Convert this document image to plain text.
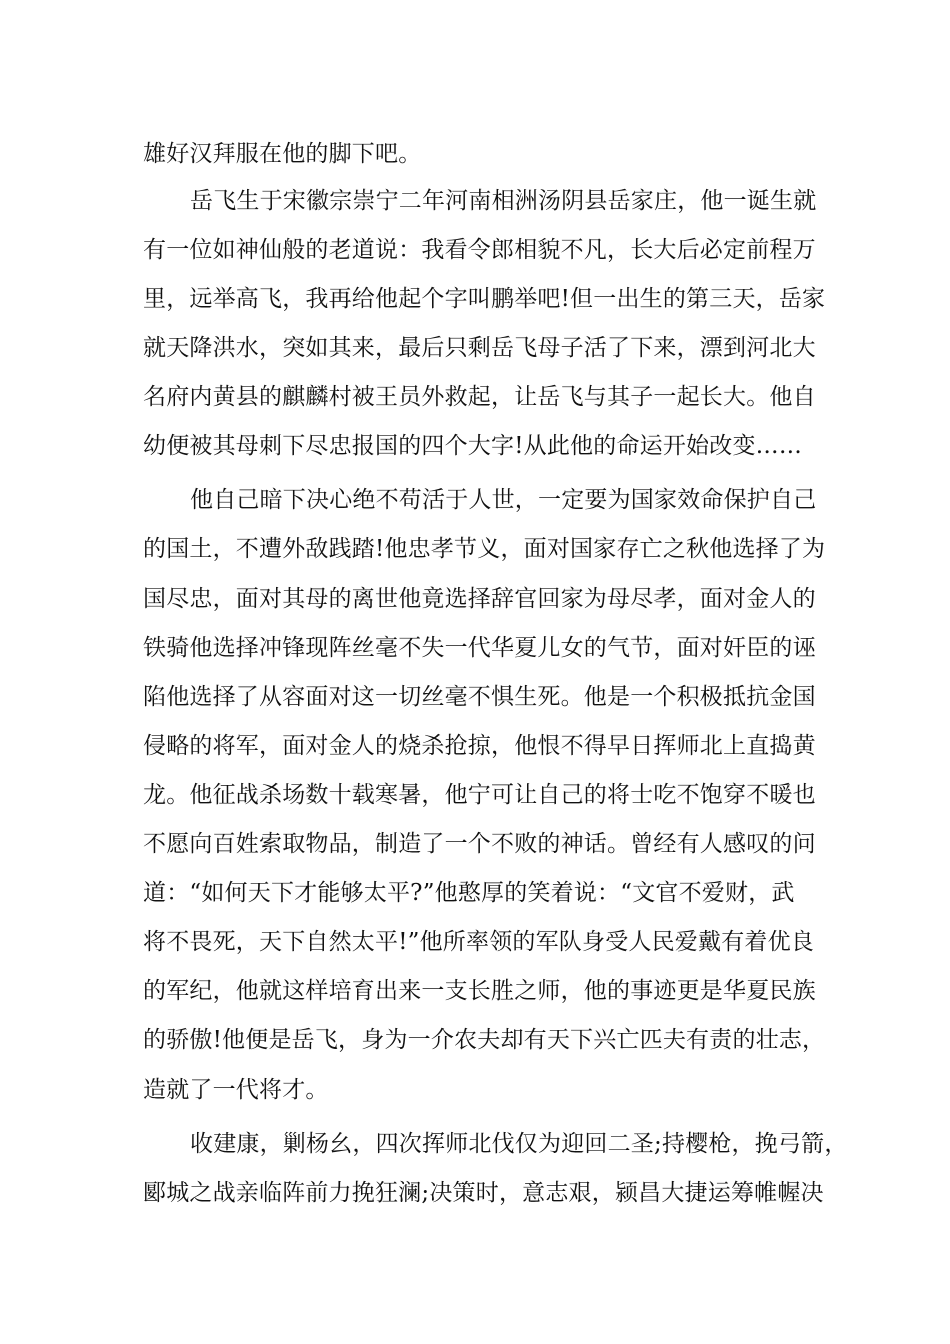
雄好汉拜服在他的脚下吧。
岳飞生于宋徽宗崇宁二年河南相洲汤阴县岳家庄，他一诞生就
有一位如神仙般的老道说：我看令郎相貌不凡，长大后必定前程万
里，远举高飞，我再给他起个字叫鹏举吧!但一出生的第三天，岳家
就天降洪水，突如其来，最后只剩岳飞母子活了下来，漂到河北大
名府内黄县的麒麟村被王员外救起，让岳飞与其子一起长大。他自
幼便被其母刺下尽忠报国的四个大字!从此他的命运开始改变……
他自己暗下决心绝不苟活于人世，一定要为国家效命保护自己
的国土，不遭外敌践踏!他忠孝节义，面对国家存亡之秋他选择了为
国尽忠，面对其母的离世他竟选择辞官回家为母尽孝，面对金人的
铁骑他选择冲锋现阵丝毫不失一代华夏儿女的气节，面对奸臣的诬
陷他选择了从容面对这一切丝毫不惧生死。他是一个积极抵抗金国
侵略的将军，面对金人的烧杀抢掠，他恨不得早日挥师北上直捣黄
龙。他征战杀场数十载寒暑，他宁可让自己的将士吃不饱穿不暖也
不愿向百姓索取物品，制造了一个不败的神话。曾经有人感叹的问
道：“如何天下才能够太平?”他憨厚的笑着说：“文官不爱财，武
将不畏死，天下自然太平!”他所率领的军队身受人民爱戴有着优良
的军纪，他就这样培育出来一支长胜之师，他的事迹更是华夏民族
的骄傲!他便是岳飞，身为一介农夫却有天下兴亡匹夫有责的壮志，
造就了一代将才。
收建康，剿杨幺，四次挥师北伐仅为迎回二圣;持樱枪，挽弓箭，
郾城之战亲临阵前力挽狂澜;决策时，意志艰，颍昌大捷运筹帷幄决
